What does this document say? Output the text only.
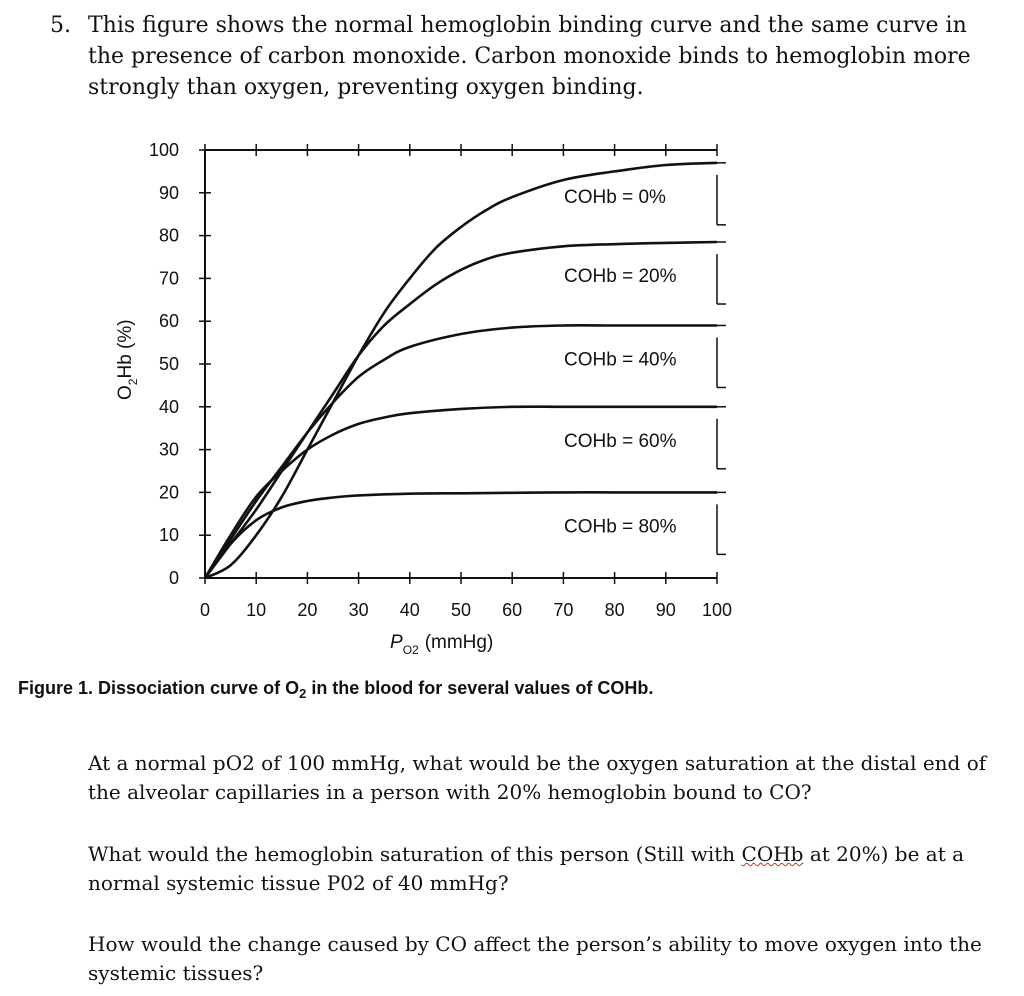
5. This figure shows the normal hemoglobin binding curve and the same curve in the presence of carbon monoxide. Carbon monoxide binds to hemoglobin more strongly than oxygen, preventing oxygen binding.
0 10 20 30 40 50 60 70 80 90 100
0
10
20
30
40
50
60
70
80
90
100
COHb = 0%
COHb = 20%
COHb = 40%
COHb = 60%
COHb = 80%
$P_{O2}$ (mmHg)
$O_2Hb$ (%)
Figure 1. Dissociation curve of $O_2$ in the blood for several values of COHb.
At a normal pO2 of 100 mmHg, what would be the oxygen saturation at the distal end of the alveolar capillaries in a person with 20% hemoglobin bound to CO?
What would the hemoglobin saturation of this person (Still with COHb at 20%) be at a normal systemic tissue P02 of 40 mmHg?
How would the change caused by CO affect the person’s ability to move oxygen into the systemic tissues?
